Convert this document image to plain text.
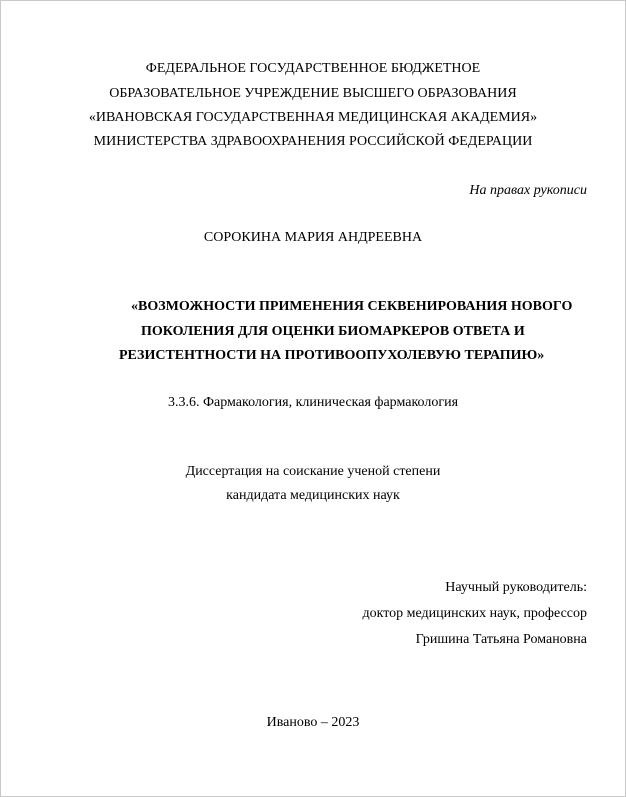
ФЕДЕРАЛЬНОЕ ГОСУДАРСТВЕННОЕ БЮДЖЕТНОЕ
ОБРАЗОВАТЕЛЬНОЕ УЧРЕЖДЕНИЕ ВЫСШЕГО ОБРАЗОВАНИЯ
«ИВАНОВСКАЯ ГОСУДАРСТВЕННАЯ МЕДИЦИНСКАЯ АКАДЕМИЯ»
МИНИСТЕРСТВА ЗДРАВООХРАНЕНИЯ РОССИЙСКОЙ ФЕДЕРАЦИИ
На правах рукописи
СОРОКИНА МАРИЯ АНДРЕЕВНА
«ВОЗМОЖНОСТИ ПРИМЕНЕНИЯ СЕКВЕНИРОВАНИЯ НОВОГО
ПОКОЛЕНИЯ ДЛЯ ОЦЕНКИ БИОМАРКЕРОВ ОТВЕТА И
РЕЗИСТЕНТНОСТИ НА ПРОТИВООПУХОЛЕВУЮ ТЕРАПИЮ»
3.3.6. Фармакология, клиническая фармакология
Диссертация на соискание ученой степени
кандидата медицинских наук
Научный руководитель:
доктор медицинских наук, профессор
Гришина Татьяна Романовна
Иваново – 2023
